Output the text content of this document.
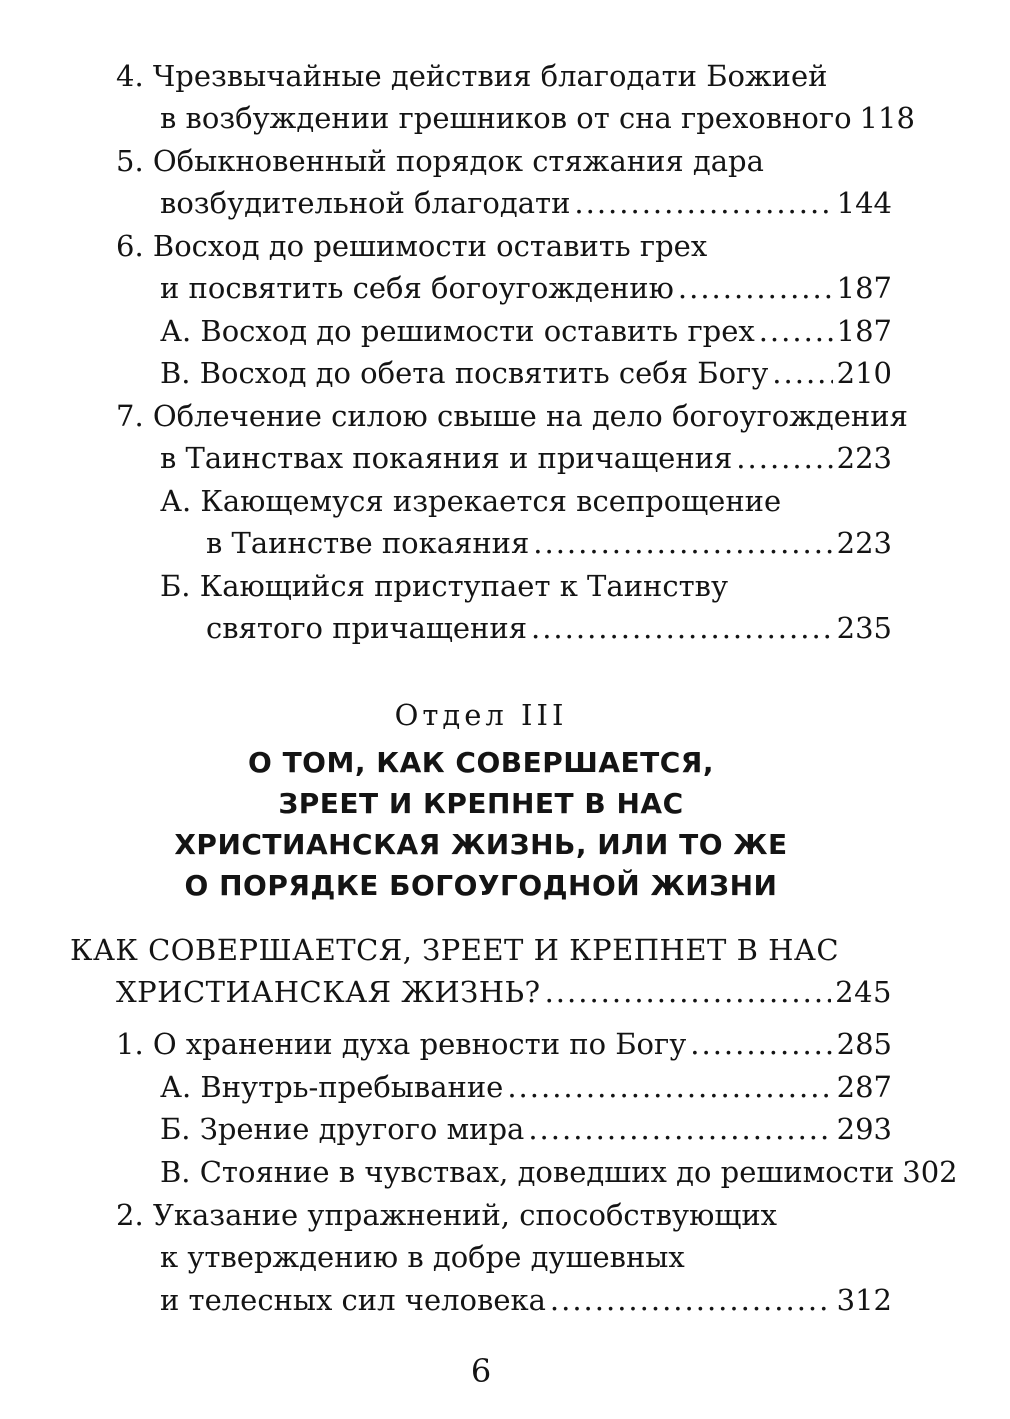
4. Чрезвычайные действия благодати Божией
в возбуждении грешников от сна греховного 118
5. Обыкновенный порядок стяжания дара
возбудительной благодати .....	144
6. Восход до решимости оставить грех
и посвятить себя богоугождению .....	187
А. Восход до решимости оставить грех .....	187
В. Восход до обета посвятить себя Богу ..... 210
7. Облечение силою свыше на дело богоугождения
в Таинствах покаяния и причащения .....	223
А. Кающемуся изрекается всепрощение
в Таинстве покаяния .....	223
Б. Кающийся приступает к Таинству
святого причащения .....	235
Отдел III
О ТОМ, КАК СОВЕРШАЕТСЯ,
ЗРЕЕТ И КРЕПНЕТ В НАС
ХРИСТИАНСКАЯ ЖИЗНЬ, ИЛИ ТО ЖЕ
О ПОРЯДКЕ БОГОУГОДНОЙ ЖИЗНИ
КАК СОВЕРШАЕТСЯ, ЗРЕЕТ И КРЕПНЕТ В НАС
ХРИСТИАНСКАЯ ЖИЗНЬ? .....	245
1. О хранении духа ревности по Богу .....	285
А. Внутрь-пребывание .....	287
Б. Зрение другого мира .....	293
В. Стояние в чувствах, доведших до решимости 302
2. Указание упражнений, способствующих
к утверждению в добре душевных
и телесных сил человека .....	312
6
